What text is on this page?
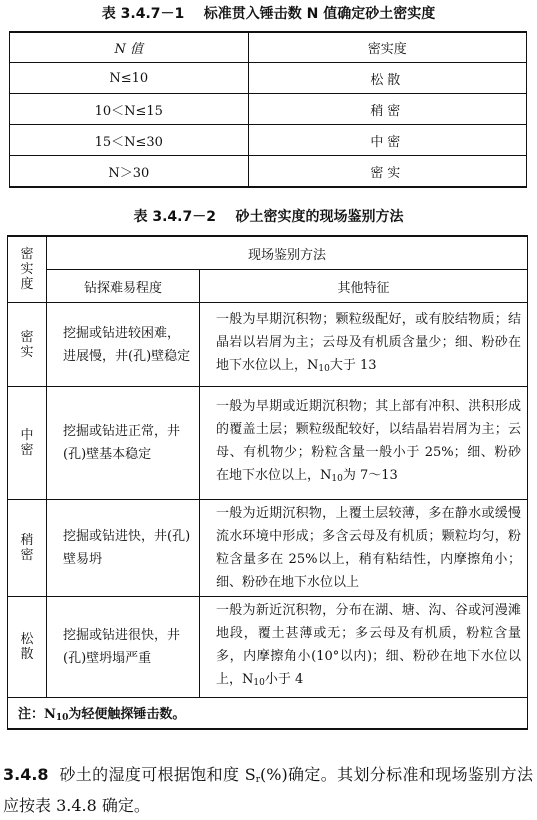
表 3.4.7－1 标准贯入锤击数 N 值确定砂土密实度
N 值	密实度
N≤10	松散
10＜N≤15	稍密
15＜N≤30	中密
N＞30	密实
表 3.4.7－2 砂土密实度的现场鉴别方法
密实度	现场鉴别方法	
	钻探难易程度	其他特征

密实	挖掘或钻进较困难，进展慢，井(孔)壁稳定	一般为早期沉积物；颗粒级配好，或有胶结物质；结晶岩以岩屑为主；云母及有机质含量少；细、粉砂在地下水位以上，$N_{10}$大于 13

中密	挖掘或钻进正常，井(孔)壁基本稳定	一般为早期或近期沉积物；其上部有冲积、洪积形成的覆盖土层；颗粒级配较好，以结晶岩岩屑为主；云母、有机物少；粉粒含量一般小于 25%；细、粉砂在地下水位以上，$N_{10}$为 7～13

稍密	挖掘或钻进快，井(孔)壁易坍	一般为近期沉积物，上覆土层较薄，多在静水或缓慢流水环境中形成；多含云母及有机质；颗粒均匀，粉粒含量多在 25%以上，稍有粘结性，内摩擦角小；细、粉砂在地下水位以上

松散	挖掘或钻进很快，井(孔)壁坍塌严重	一般为新近沉积物，分布在湖、塘、沟、谷或河漫滩地段，覆土甚薄或无；多云母及有机质，粉粒含量多，内摩擦角小(10°以内)；细、粉砂在地下水位以上，$N_{10}$小于 4
注：$N_{10}$为轻便触探锤击数。		
3.4.8 砂土的湿度可根据饱和度 $S_r(\%)$确定。其划分标准和现场鉴别方法应按表 3.4.8 确定。
